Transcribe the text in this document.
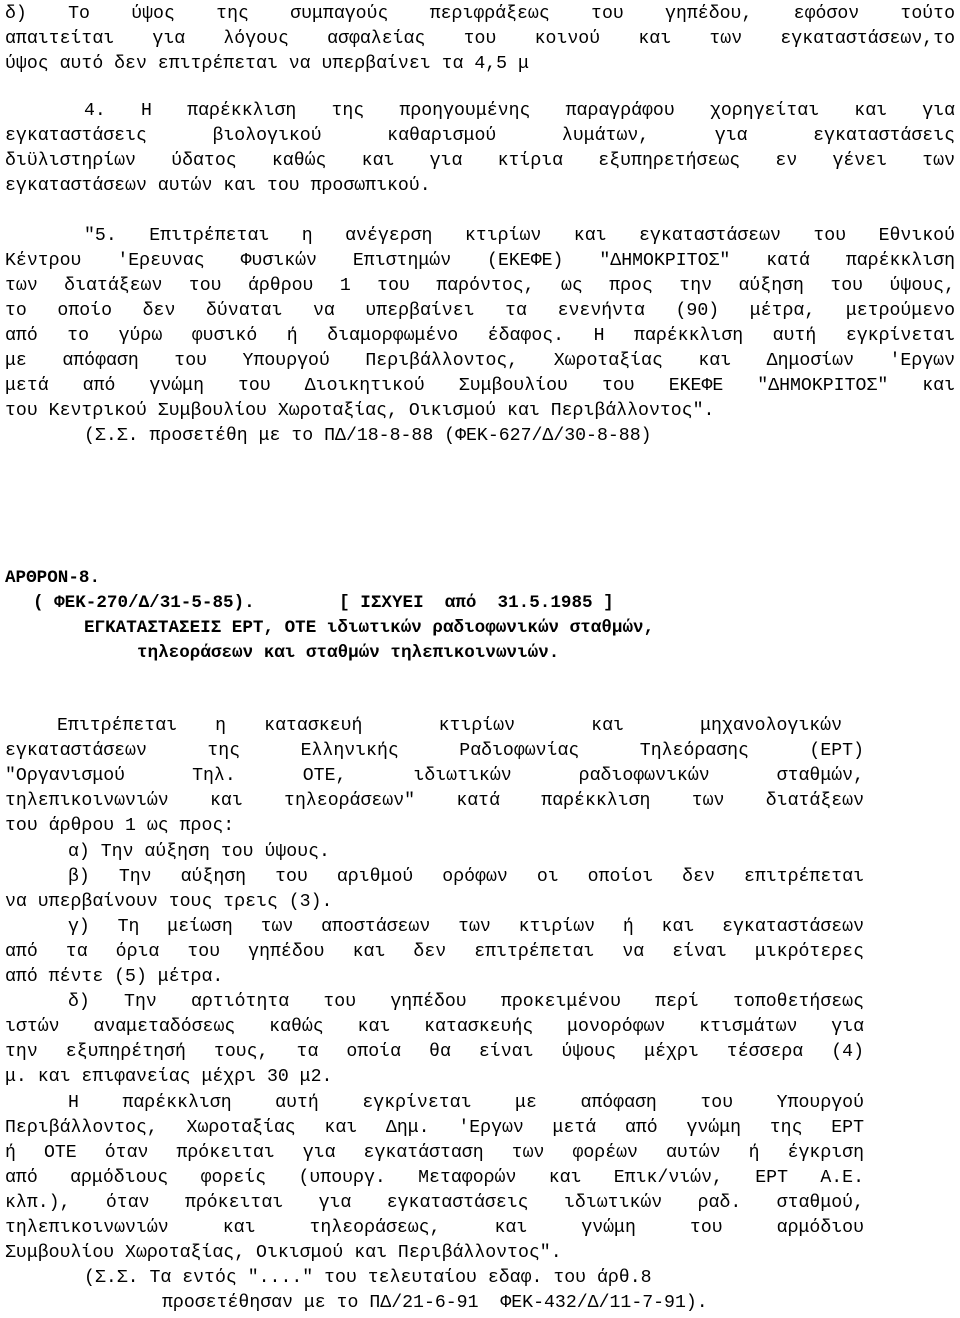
δ) Το ύψος της συμπαγούς περιφράξεως του γηπέδου, εφόσον τούτο
απαιτείται για λόγους ασφαλείας του κοινού και των εγκαταστάσεων,το
ύψος αυτό δεν επιτρέπεται να υπερβαίνει τα 4,5 μ
4. Η παρέκκλιση της προηγουμένης παραγράφου χορηγείται και για
εγκαταστάσεις βιολογικού καθαρισμού λυμάτων, για εγκαταστάσεις
διϋλιστηρίων ύδατος καθώς και για κτίρια εξυπηρετήσεως εν γένει των
εγκαταστάσεων αυτών και του προσωπικού.
"5. Επιτρέπεται η ανέγερση κτιρίων και εγκαταστάσεων του Εθνικού
Κέντρου 'Ερευνας Φυσικών Επιστημών (ΕΚΕΦΕ) "ΔΗΜΟΚΡΙΤΟΣ" κατά παρέκκλιση
των διατάξεων του άρθρου 1 του παρόντος, ως προς την αύξηση του ύψους,
το οποίο δεν δύναται να υπερβαίνει τα ενενήντα (90) μέτρα, μετρούμενο
από το γύρω φυσικό ή διαμορφωμένο έδαφος. Η παρέκκλιση αυτή εγκρίνεται
με απόφαση του Υπουργού Περιβάλλοντος, Χωροταξίας και Δημοσίων 'Εργων
μετά από γνώμη του Διοικητικού Συμβουλίου του ΕΚΕΦΕ "ΔΗΜΟΚΡΙΤΟΣ" και
του Κεντρικού Συμβουλίου Χωροταξίας, Οικισμού και Περιβάλλοντος".
(Σ.Σ. προσετέθη με το ΠΔ/18-8-88 (ΦΕΚ-627/Δ/30-8-88)
ΑΡΘΡΟΝ-8.
( ΦΕΚ-270/Δ/31-5-85).        [ ΙΣΧΥΕΙ  από  31.5.1985 ]
ΕΓΚΑΤΑΣΤΑΣΕΙΣ ΕΡΤ, ΟΤΕ ιδιωτικών ραδιοφωνικών σταθμών,
τηλεοράσεων και σταθμών τηλεπικοινωνιών.
Επιτρέπεται η κατασκευή  κτιρίων  και  μηχανολογικών
εγκαταστάσεων της Ελληνικής Ραδιοφωνίας Τηλεόρασης (ΕΡΤ)
"Οργανισμού Τηλ. ΟΤΕ, ιδιωτικών ραδιοφωνικών σταθμών,
τηλεπικοινωνιών και τηλεοράσεων" κατά παρέκκλιση των διατάξεων
του άρθρου 1 ως προς:
α) Την αύξηση του ύψους.
β) Την αύξηση του αριθμού ορόφων οι οποίοι δεν επιτρέπεται
να υπερβαίνουν τους τρεις (3).
γ) Τη μείωση των αποστάσεων των κτιρίων ή και εγκαταστάσεων
από τα όρια του γηπέδου και δεν επιτρέπεται να είναι μικρότερες
από πέντε (5) μέτρα.
δ) Την αρτιότητα του γηπέδου προκειμένου περί τοποθετήσεως
ιστών αναμεταδόσεως καθώς και κατασκευής μονορόφων κτισμάτων για
την εξυπηρέτησή τους, τα οποία θα είναι ύψους μέχρι τέσσερα (4)
μ. και επιφανείας μέχρι 30 μ2.
Η παρέκκλιση αυτή εγκρίνεται με απόφαση του Υπουργού
Περιβάλλοντος, Χωροταξίας και Δημ. 'Εργων μετά από γνώμη της ΕΡΤ
ή ΟΤΕ όταν πρόκειται για εγκατάσταση των φορέων αυτών ή έγκριση
από αρμόδιους φορείς (υπουργ. Μεταφορών και Επικ/νιών, ΕΡΤ Α.Ε.
κλπ.), όταν πρόκειται για εγκαταστάσεις ιδιωτικών ραδ. σταθμού,
τηλεπικοινωνιών και τηλεοράσεως, και γνώμη του αρμόδιου
Συμβουλίου Χωροταξίας, Οικισμού και Περιβάλλοντος".
(Σ.Σ. Τα εντός "...." του τελευταίου εδαφ. του άρθ.8
προσετέθησαν με το ΠΔ/21-6-91  ΦΕΚ-432/Δ/11-7-91).
